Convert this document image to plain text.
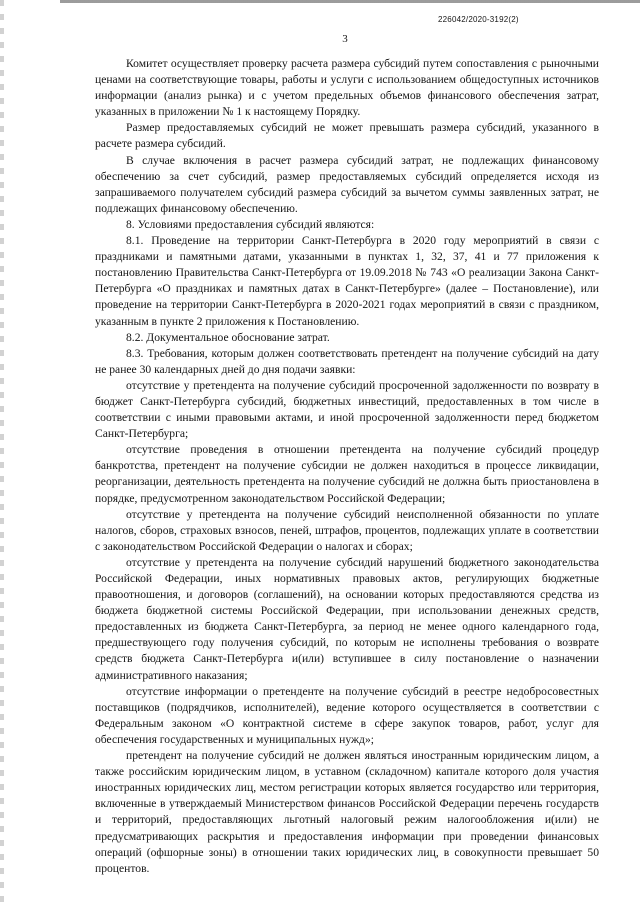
226042/2020-3192(2)
3

Комитет осуществляет проверку расчета размера субсидий путем сопоставления с рыночными ценами на соответствующие товары, работы и услуги с использованием общедоступных источников информации (анализ рынка) и с учетом предельных объемов финансового обеспечения затрат, указанных в приложении № 1 к настоящему Порядку.

Размер предоставляемых субсидий не может превышать размера субсидий, указанного в расчете размера субсидий.

В случае включения в расчет размера субсидий затрат, не подлежащих финансовому обеспечению за счет субсидий, размер предоставляемых субсидий определяется исходя из запрашиваемого получателем субсидий размера субсидий за вычетом суммы заявленных затрат, не подлежащих финансовому обеспечению.

8. Условиями предоставления субсидий являются:

8.1. Проведение на территории Санкт-Петербурга в 2020 году мероприятий в связи с праздниками и памятными датами, указанными в пунктах 1, 32, 37, 41 и 77 приложения к постановлению Правительства Санкт-Петербурга от 19.09.2018 № 743 «О реализации Закона Санкт-Петербурга «О праздниках и памятных датах в Санкт-Петербурге» (далее – Постановление), или проведение на территории Санкт-Петербурга в 2020-2021 годах мероприятий в связи с праздником, указанным в пункте 2 приложения к Постановлению.

8.2. Документальное обоснование затрат.

8.3. Требования, которым должен соответствовать претендент на получение субсидий на дату не ранее 30 календарных дней до дня подачи заявки:

отсутствие у претендента на получение субсидий просроченной задолженности по возврату в бюджет Санкт-Петербурга субсидий, бюджетных инвестиций, предоставленных в том числе в соответствии с иными правовыми актами, и иной просроченной задолженности перед бюджетом Санкт-Петербурга;

отсутствие проведения в отношении претендента на получение субсидий процедур банкротства, претендент на получение субсидии не должен находиться в процессе ликвидации, реорганизации, деятельность претендента на получение субсидий не должна быть приостановлена в порядке, предусмотренном законодательством Российской Федерации;

отсутствие у претендента на получение субсидий неисполненной обязанности по уплате налогов, сборов, страховых взносов, пеней, штрафов, процентов, подлежащих уплате в соответствии с законодательством Российской Федерации о налогах и сборах;

отсутствие у претендента на получение субсидий нарушений бюджетного законодательства Российской Федерации, иных нормативных правовых актов, регулирующих бюджетные правоотношения, и договоров (соглашений), на основании которых предоставляются средства из бюджета бюджетной системы Российской Федерации, при использовании денежных средств, предоставленных из бюджета Санкт-Петербурга, за период не менее одного календарного года, предшествующего году получения субсидий, по которым не исполнены требования о возврате средств бюджета Санкт-Петербурга и(или) вступившее в силу постановление о назначении административного наказания;

отсутствие информации о претенденте на получение субсидий в реестре недобросовестных поставщиков (подрядчиков, исполнителей), ведение которого осуществляется в соответствии с Федеральным законом «О контрактной системе в сфере закупок товаров, работ, услуг для обеспечения государственных и муниципальных нужд»;

претендент на получение субсидий не должен являться иностранным юридическим лицом, а также российским юридическим лицом, в уставном (складочном) капитале которого доля участия иностранных юридических лиц, местом регистрации которых является государство или территория, включенные в утверждаемый Министерством финансов Российской Федерации перечень государств и территорий, предоставляющих льготный налоговый режим налогообложения и(или) не предусматривающих раскрытия и предоставления информации при проведении финансовых операций (офшорные зоны) в отношении таких юридических лиц, в совокупности превышает 50 процентов.
